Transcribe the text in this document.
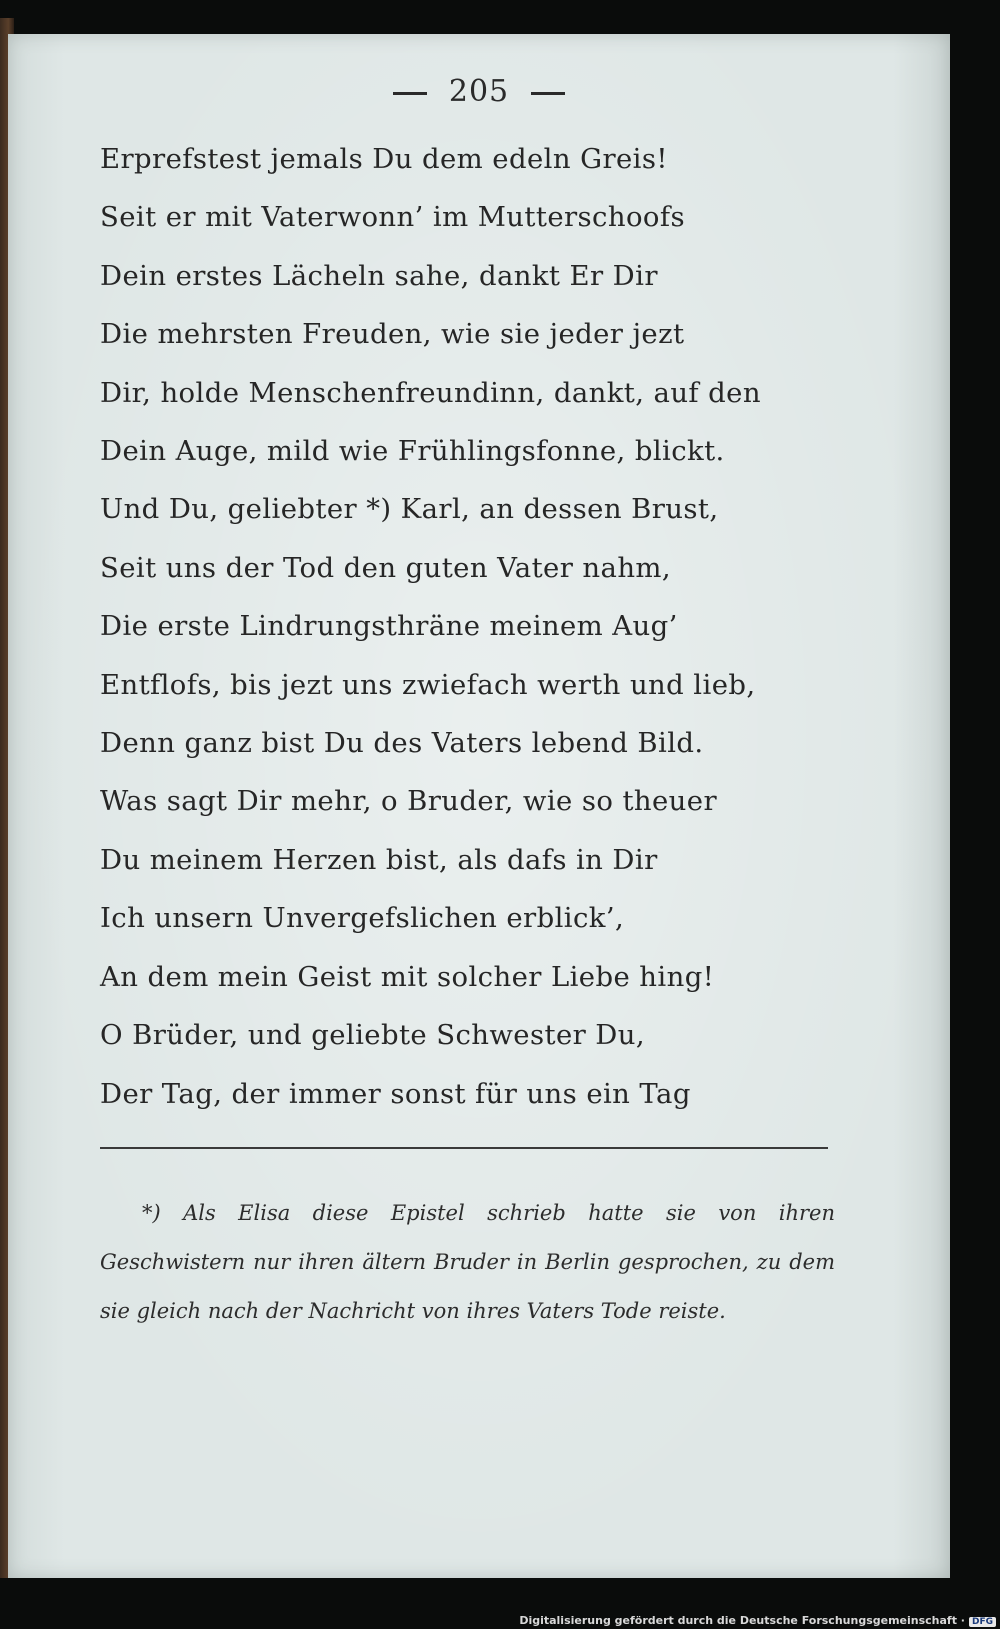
205
Erprefstest jemals Du dem edeln Greis!
Seit er mit Vaterwonn’ im Mutterschoofs
Dein erstes Lächeln sahe, dankt Er Dir
Die mehrsten Freuden, wie sie jeder jezt
Dir, holde Menschenfreundinn, dankt, auf den
Dein Auge, mild wie Frühlingsfonne, blickt.
Und Du, geliebter *) Karl, an dessen Brust,
Seit uns der Tod den guten Vater nahm,
Die erste Lindrungsthräne meinem Aug’
Entflofs, bis jezt uns zwiefach werth und lieb,
Denn ganz bist Du des Vaters lebend Bild.
Was sagt Dir mehr, o Bruder, wie so theuer
Du meinem Herzen bist, als dafs in Dir
Ich unsern Unvergefslichen erblick’,
An dem mein Geist mit solcher Liebe hing!
O Brüder, und geliebte Schwester Du,
Der Tag, der immer sonst für uns ein Tag
*) Als Elisa diese Epistel schrieb hatte sie von ihren Geschwistern nur ihren ältern Bruder in Berlin gesprochen, zu dem sie gleich nach der Nachricht von ihres Vaters Tode reiste.
Digitalisierung gefördert durch die Deutsche Forschungsgemeinschaft · DFG
